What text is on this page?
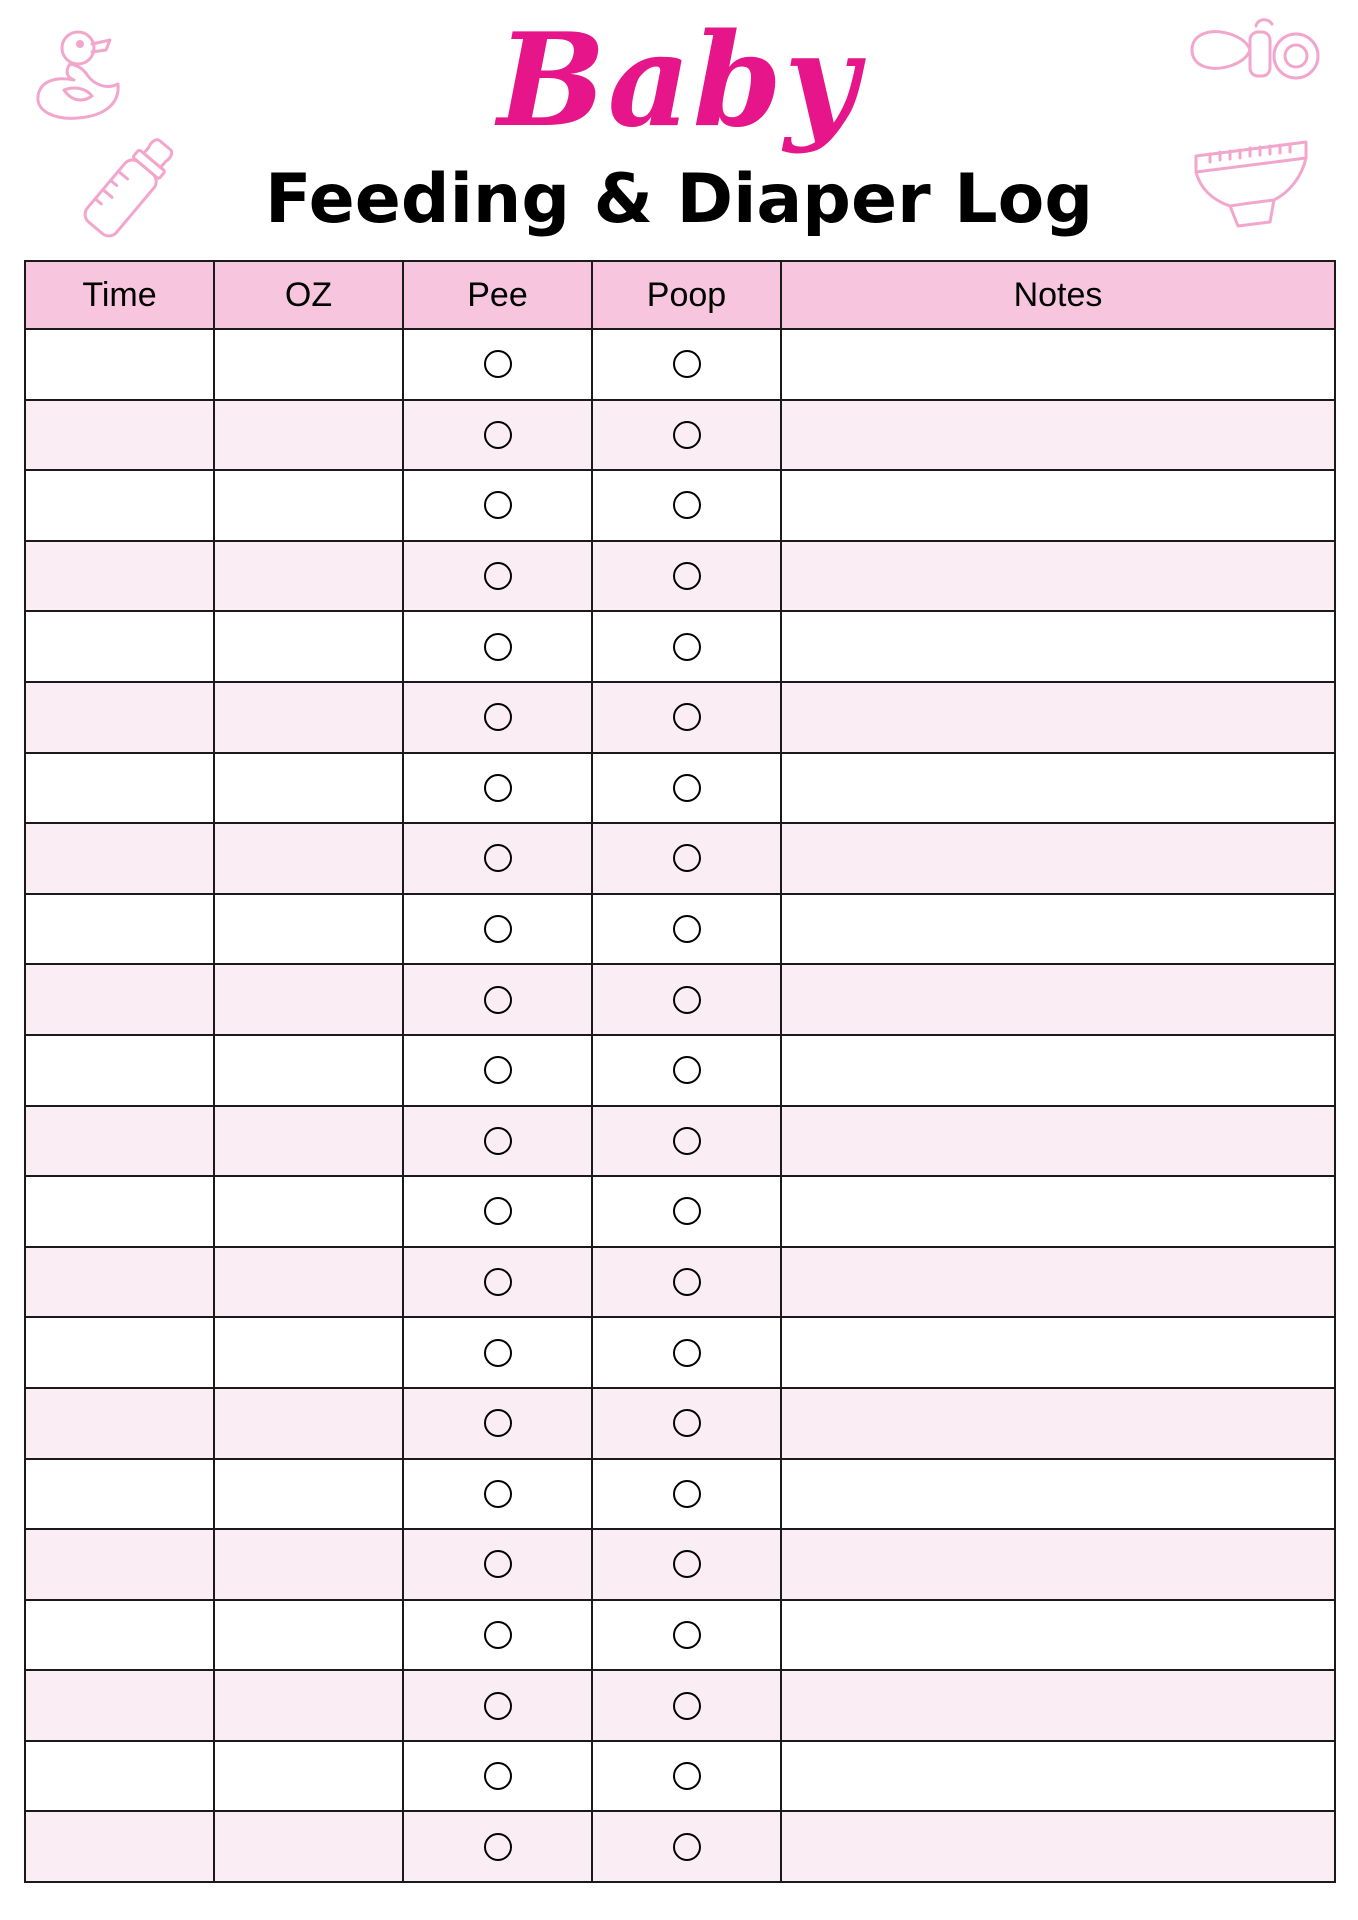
Baby
Feeding & Diaper Log
Time	OZ	Pee	Poop	Notes
